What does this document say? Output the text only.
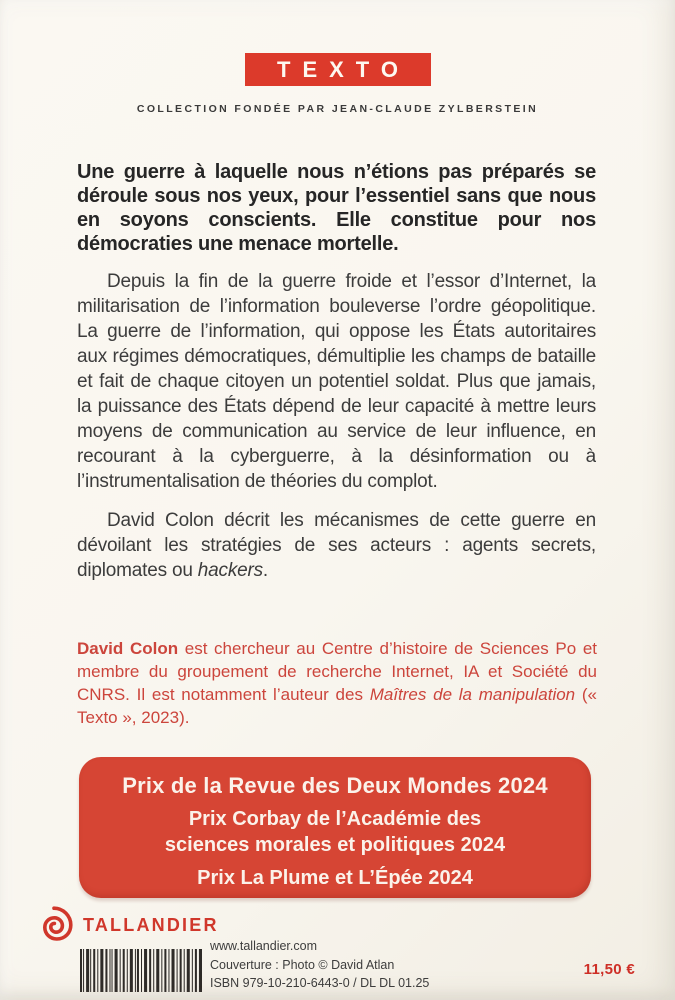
TEXTO
COLLECTION FONDÉE PAR JEAN-CLAUDE ZYLBERSTEIN

Une guerre à laquelle nous n’étions pas préparés se déroule sous nos yeux, pour l’essentiel sans que nous en soyons conscients. Elle constitue pour nos démocraties une menace mortelle.

Depuis la fin de la guerre froide et l’essor d’Internet, la militarisation de l’information bouleverse l’ordre géopolitique. La guerre de l’information, qui oppose les États autoritaires aux régimes démocratiques, démultiplie les champs de bataille et fait de chaque citoyen un potentiel soldat. Plus que jamais, la puissance des États dépend de leur capacité à mettre leurs moyens de communication au service de leur influence, en recourant à la cyberguerre, à la désinformation ou à l’instrumentalisation de théories du complot.

David Colon décrit les mécanismes de cette guerre en dévoilant les stratégies de ses acteurs : agents secrets, diplomates ou hackers.

David Colon est chercheur au Centre d’histoire de Sciences Po et membre du groupement de recherche Internet, IA et Société du CNRS. Il est notamment l’auteur des Maîtres de la manipulation (« Texto », 2023).
Prix de la Revue des Deux Mondes 2024
Prix Corbay de l’Académie des
sciences morales et politiques 2024
Prix La Plume et L’Épée 2024
TALLANDIER
www.tallandier.com
Couverture : Photo © David Atlan
ISBN 979-10-210-6443-0 / DL DL 01.25
11,50 €
